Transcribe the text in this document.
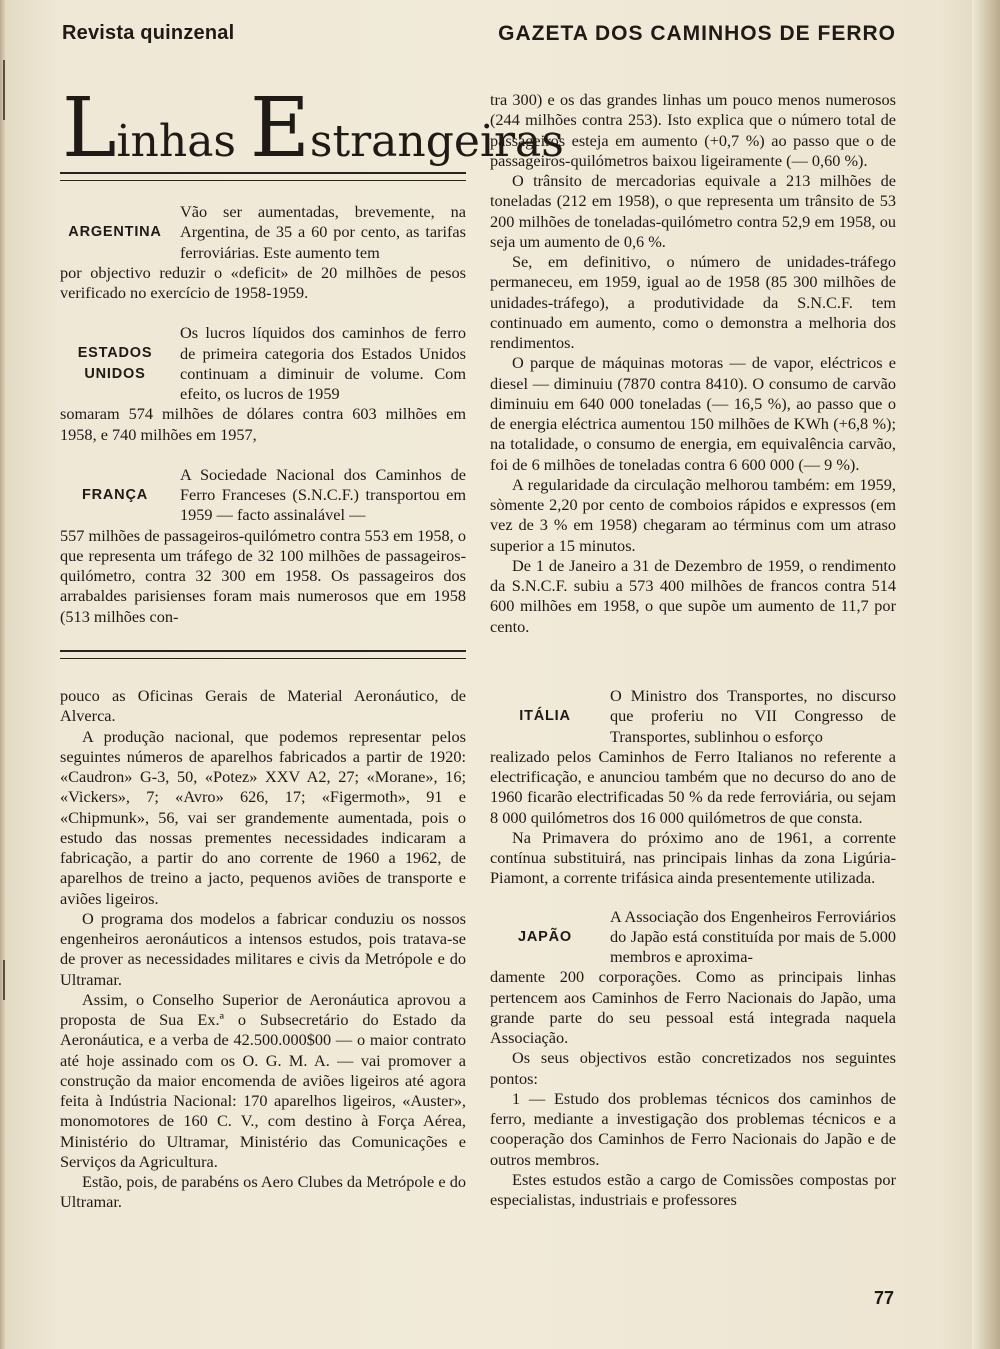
Revista quinzenal	GAZETA DOS CAMINHOS DE FERRO
Linhas Estrangeiras
ARGENTINA

Vão ser aumentadas, brevemente, na Argentina, de 35 a 60 por cento, as tarifas ferroviárias. Este aumento tem

por objectivo reduzir o «deficit» de 20 milhões de pesos verificado no exercício de 1958-1959.

ESTADOS
UNIDOS

Os lucros líquidos dos caminhos de ferro de primeira categoria dos Estados Unidos continuam a diminuir de volume. Com efeito, os lucros de 1959

somaram 574 milhões de dólares contra 603 milhões em 1958, e 740 milhões em 1957,

FRANÇA

A Sociedade Nacional dos Caminhos de Ferro Franceses (S.N.C.F.) transportou em 1959 — facto assinalável —

557 milhões de passageiros-quilómetro contra 553 em 1958, o que representa um tráfego de 32 100 milhões de passageiros-quilómetro, contra 32 300 em 1958. Os passageiros dos arrabaldes parisienses foram mais numerosos que em 1958 (513 milhões con-

tra 300) e os das grandes linhas um pouco menos numerosos (244 milhões contra 253). Isto explica que o número total de passageiros esteja em aumento (+0,7 %) ao passo que o de passageiros-quilómetros baixou ligeiramente (— 0,60 %).

O trânsito de mercadorias equivale a 213 milhões de toneladas (212 em 1958), o que representa um trânsito de 53 200 milhões de toneladas-quilómetro contra 52,9 em 1958, ou seja um aumento de 0,6 %.

Se, em definitivo, o número de unidades-tráfego permaneceu, em 1959, igual ao de 1958 (85 300 milhões de unidades-tráfego), a produtividade da S.N.C.F. tem continuado em aumento, como o demonstra a melhoria dos rendimentos.

O parque de máquinas motoras — de vapor, eléctricos e diesel — diminuiu (7870 contra 8410). O consumo de carvão diminuiu em 640 000 toneladas (— 16,5 %), ao passo que o de energia eléctrica aumentou 150 milhões de KWh (+6,8 %); na totalidade, o consumo de energia, em equivalência carvão, foi de 6 milhões de toneladas contra 6 600 000 (— 9 %).

A regularidade da circulação melhorou também: em 1959, sòmente 2,20 por cento de comboios rápidos e expressos (em vez de 3 % em 1958) chegaram ao términus com um atraso superior a 15 minutos.

De 1 de Janeiro a 31 de Dezembro de 1959, o rendimento da S.N.C.F. subiu a 573 400 milhões de francos contra 514 600 milhões em 1958, o que supõe um aumento de 11,7 por cento.

pouco as Oficinas Gerais de Material Aeronáutico, de Alverca.

A produção nacional, que podemos representar pelos seguintes números de aparelhos fabricados a partir de 1920: «Caudron» G-3, 50, «Potez» XXV A2, 27; «Morane», 16; «Vickers», 7; «Avro» 626, 17; «Figermoth», 91 e «Chipmunk», 56, vai ser grandemente aumentada, pois o estudo das nossas prementes necessidades indicaram a fabricação, a partir do ano corrente de 1960 a 1962, de aparelhos de treino a jacto, pequenos aviões de transporte e aviões ligeiros.

O programa dos modelos a fabricar conduziu os nossos engenheiros aeronáuticos a intensos estudos, pois tratava-se de prover as necessidades militares e civis da Metrópole e do Ultramar.

Assim, o Conselho Superior de Aeronáutica aprovou a proposta de Sua Ex.ª o Subsecretário do Estado da Aeronáutica, e a verba de 42.500.000$00 — o maior contrato até hoje assinado com os O. G. M. A. — vai promover a construção da maior encomenda de aviões ligeiros até agora feita à Indústria Nacional: 170 aparelhos ligeiros, «Auster», monomotores de 160 C. V., com destino à Força Aérea, Ministério do Ultramar, Ministério das Comunicações e Serviços da Agricultura.

Estão, pois, de parabéns os Aero Clubes da Metrópole e do Ultramar.

ITÁLIA

O Ministro dos Transportes, no discurso que proferiu no VII Congresso de Transportes, sublinhou o esforço

realizado pelos Caminhos de Ferro Italianos no referente a electrificação, e anunciou também que no decurso do ano de 1960 ficarão electrificadas 50 % da rede ferroviária, ou sejam 8 000 quilómetros dos 16 000 quilómetros de que consta.

Na Primavera do próximo ano de 1961, a corrente contínua substituirá, nas principais linhas da zona Ligúria-Piamont, a corrente trifásica ainda presentemente utilizada.

JAPÃO

A Associação dos Engenheiros Ferroviários do Japão está constituída por mais de 5.000 membros e aproxima-

damente 200 corporações. Como as principais linhas pertencem aos Caminhos de Ferro Nacionais do Japão, uma grande parte do seu pessoal está integrada naquela Associação.

Os seus objectivos estão concretizados nos seguintes pontos:

1 — Estudo dos problemas técnicos dos caminhos de ferro, mediante a investigação dos problemas técnicos e a cooperação dos Caminhos de Ferro Nacionais do Japão e de outros membros.

Estes estudos estão a cargo de Comissões compostas por especialistas, industriais e professores

77
